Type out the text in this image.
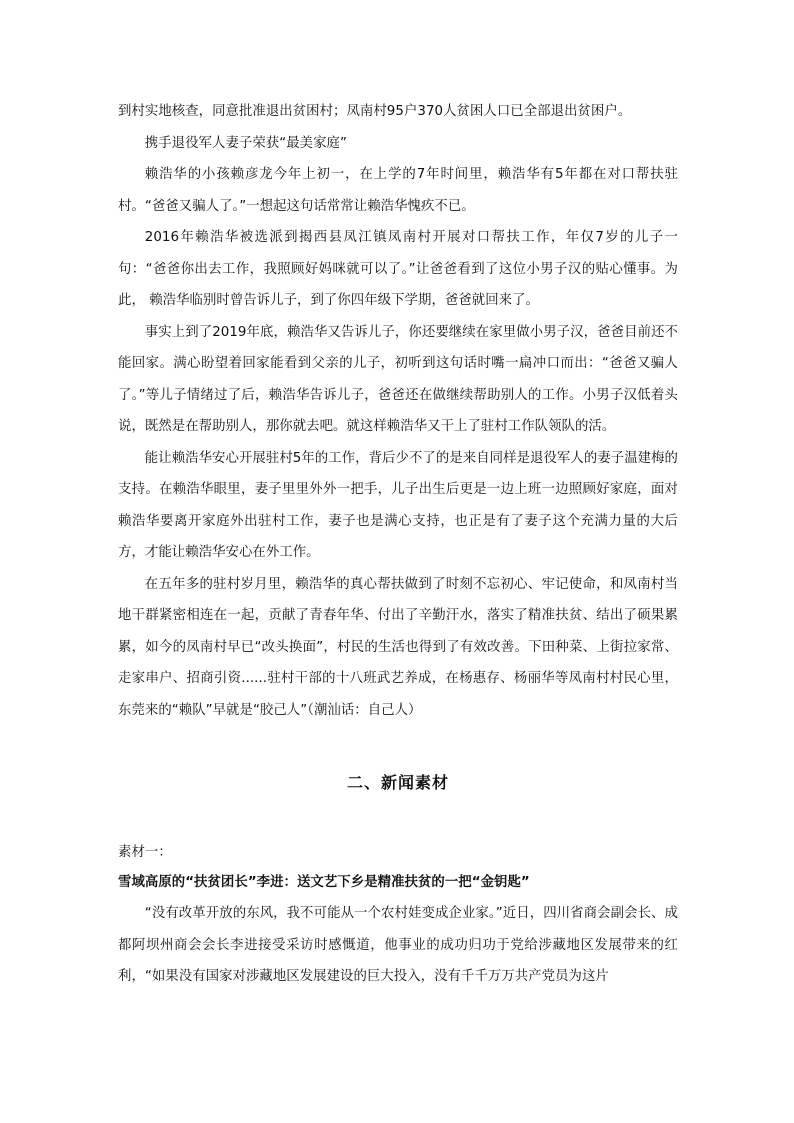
到村实地核查，同意批准退出贫困村；凤南村95户370人贫困人口已全部退出贫困户。

携手退役军人妻子荣获“最美家庭”

赖浩华的小孩赖彦龙今年上初一，在上学的7年时间里，赖浩华有5年都在对口帮扶驻村。“爸爸又骗人了。”一想起这句话常常让赖浩华愧疚不已。

2016年赖浩华被选派到揭西县凤江镇凤南村开展对口帮扶工作，年仅7岁的儿子一句：“爸爸你出去工作，我照顾好妈咪就可以了。”让爸爸看到了这位小男子汉的贴心懂事。为此， 赖浩华临别时曾告诉儿子，到了你四年级下学期，爸爸就回来了。

事实上到了2019年底，赖浩华又告诉儿子，你还要继续在家里做小男子汉，爸爸目前还不能回家。满心盼望着回家能看到父亲的儿子，初听到这句话时嘴一扁冲口而出：“爸爸又骗人了。”等儿子情绪过了后，赖浩华告诉儿子，爸爸还在做继续帮助别人的工作。小男子汉低着头说，既然是在帮助别人，那你就去吧。就这样赖浩华又干上了驻村工作队领队的活。

能让赖浩华安心开展驻村5年的工作，背后少不了的是来自同样是退役军人的妻子温建梅的支持。在赖浩华眼里，妻子里里外外一把手，儿子出生后更是一边上班一边照顾好家庭，面对赖浩华要离开家庭外出驻村工作，妻子也是满心支持，也正是有了妻子这个充满力量的大后方，才能让赖浩华安心在外工作。

在五年多的驻村岁月里，赖浩华的真心帮扶做到了时刻不忘初心、牢记使命，和凤南村当地干群紧密相连在一起，贡献了青春年华、付出了辛勤汗水，落实了精准扶贫、结出了硕果累累，如今的凤南村早已“改头换面”，村民的生活也得到了有效改善。下田种菜、上街拉家常、走家串户、招商引资......驻村干部的十八班武艺养成，在杨惠存、杨丽华等凤南村村民心里，东莞来的“赖队”早就是“胶己人”（潮汕话：自己人）

二、新闻素材

素材一：

雪域高原的“扶贫团长”李进：送文艺下乡是精准扶贫的一把“金钥匙”

“没有改革开放的东风，我不可能从一个农村娃变成企业家。”近日，四川省商会副会长、成都阿坝州商会会长李进接受采访时感慨道，他事业的成功归功于党给涉藏地区发展带来的红利，“如果没有国家对涉藏地区发展建设的巨大投入，没有千千万万共产党员为这片
